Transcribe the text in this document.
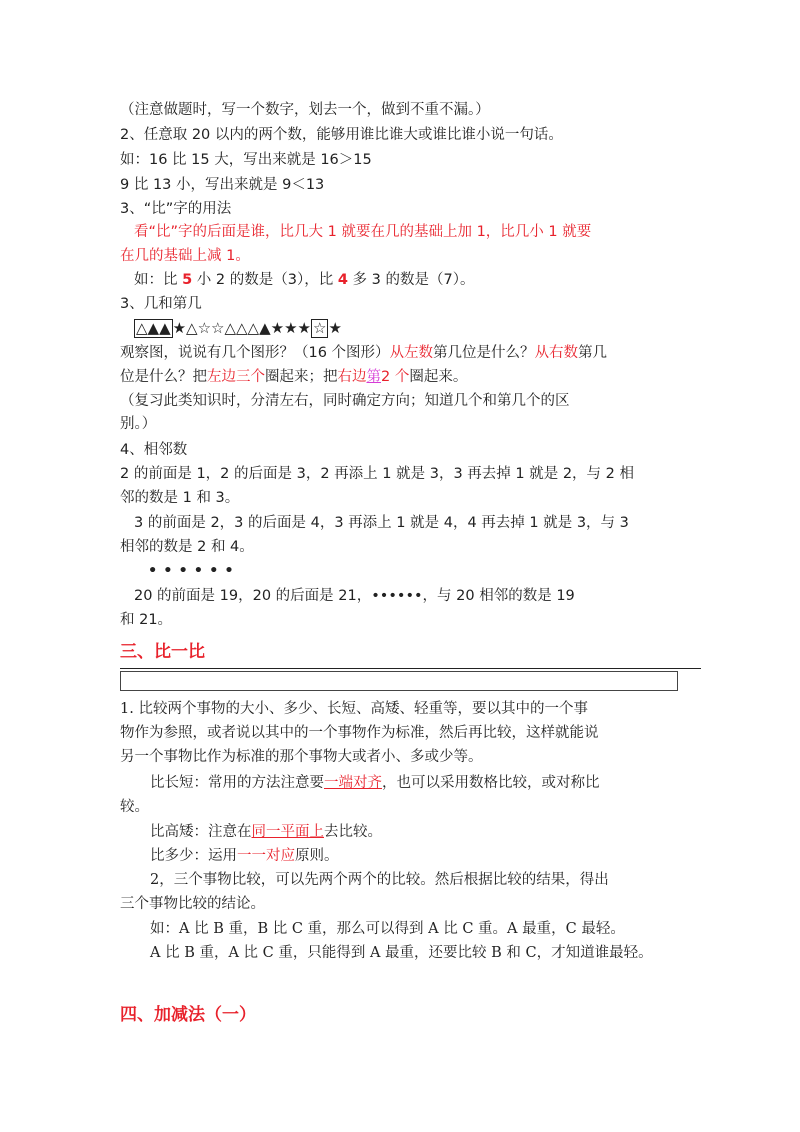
（注意做题时，写一个数字，划去一个，做到不重不漏。）
2、任意取 20 以内的两个数，能够用谁比谁大或谁比谁小说一句话。
如：16 比 15 大，写出来就是 16＞15
9 比 13 小，写出来就是 9＜13
3、“比”字的用法
看“比”字的后面是谁，比几大 1 就要在几的基础上加 1，比几小 1 就要
在几的基础上减 1。
如：比 5 小 2 的数是（3），比 4 多 3 的数是（7）。
3、几和第几
△▲▲ ★△☆☆△△△▲★★★ ☆ ★
观察图，说说有几个图形？（16 个图形）从左数第几位是什么？从右数第几
位是什么？把左边三个圈起来；把右边第2 个圈起来。
（复习此类知识时，分清左右，同时确定方向；知道几个和第几个的区
别。）
4、相邻数
2 的前面是 1，2 的后面是 3，2 再添上 1 就是 3，3 再去掉 1 就是 2，与 2 相
邻的数是 1 和 3。
3 的前面是 2，3 的后面是 4，3 再添上 1 就是 4，4 再去掉 1 就是 3，与 3
相邻的数是 2 和 4。
••••••
20 的前面是 19，20 的后面是 21，••••••，与 20 相邻的数是 19
和 21。
三、比一比
1. 比较两个事物的大小、多少、长短、高矮、轻重等，要以其中的一个事
物作为参照，或者说以其中的一个事物作为标准，然后再比较，这样就能说
另一个事物比作为标准的那个事物大或者小、多或少等。
比长短：常用的方法注意要一端对齐，也可以采用数格比较，或对称比
较。
比高矮：注意在同一平面上去比较。
比多少：运用一一对应原则。
2，三个事物比较，可以先两个两个的比较。然后根据比较的结果，得出
三个事物比较的结论。
如：A 比 B 重，B 比 C 重，那么可以得到 A 比 C 重。A 最重，C 最轻。
A 比 B 重，A 比 C 重，只能得到 A 最重，还要比较 B 和 C，才知道谁最轻。
四、加减法（一）
